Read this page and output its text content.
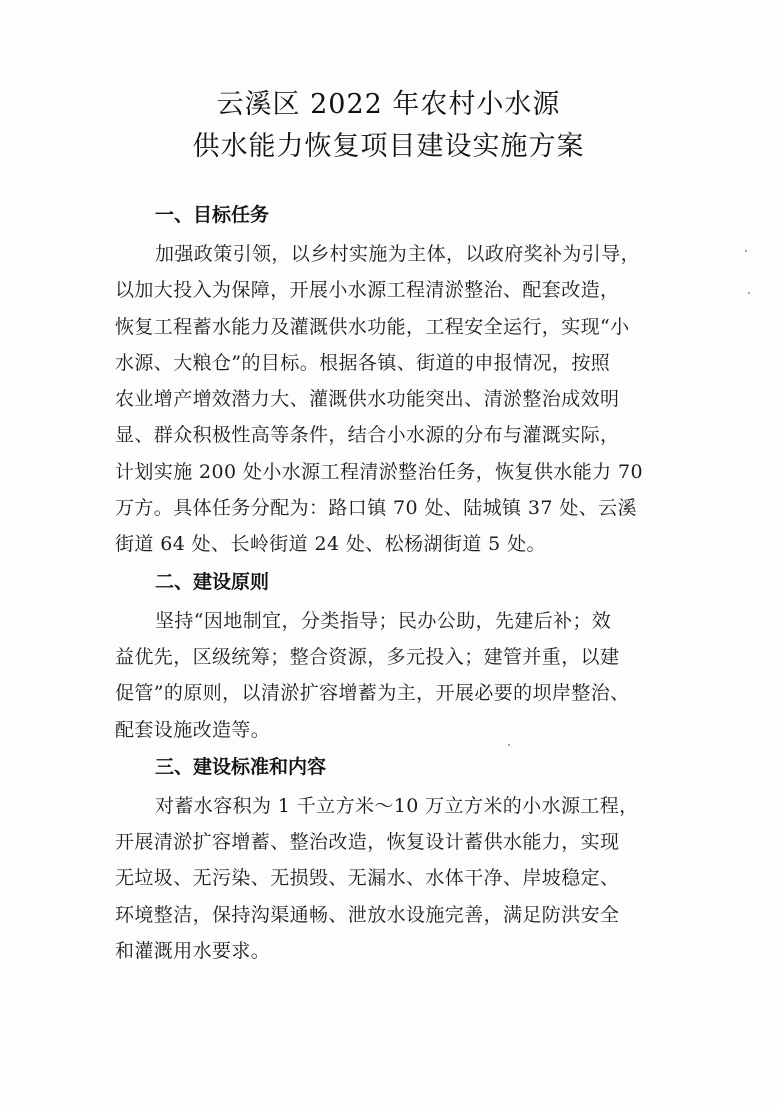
云溪区 2022 年农村小水源
供水能力恢复项目建设实施方案
一、目标任务
加强政策引领，以乡村实施为主体，以政府奖补为引导，
以加大投入为保障，开展小水源工程清淤整治、配套改造，
恢复工程蓄水能力及灌溉供水功能，工程安全运行，实现“小
水源、大粮仓”的目标。根据各镇、街道的申报情况，按照
农业增产增效潜力大、灌溉供水功能突出、清淤整治成效明
显、群众积极性高等条件，结合小水源的分布与灌溉实际，
计划实施 200 处小水源工程清淤整治任务，恢复供水能力 70
万方。具体任务分配为：路口镇 70 处、陆城镇 37 处、云溪
街道 64 处、长岭街道 24 处、松杨湖街道 5 处。
二、建设原则
坚持“因地制宜，分类指导；民办公助，先建后补；效
益优先，区级统筹；整合资源，多元投入；建管并重，以建
促管”的原则，以清淤扩容增蓄为主，开展必要的坝岸整治、
配套设施改造等。
三、建设标准和内容
对蓄水容积为 1 千立方米～10 万立方米的小水源工程，
开展清淤扩容增蓄、整治改造，恢复设计蓄供水能力，实现
无垃圾、无污染、无损毁、无漏水、水体干净、岸坡稳定、
环境整洁，保持沟渠通畅、泄放水设施完善，满足防洪安全
和灌溉用水要求。
